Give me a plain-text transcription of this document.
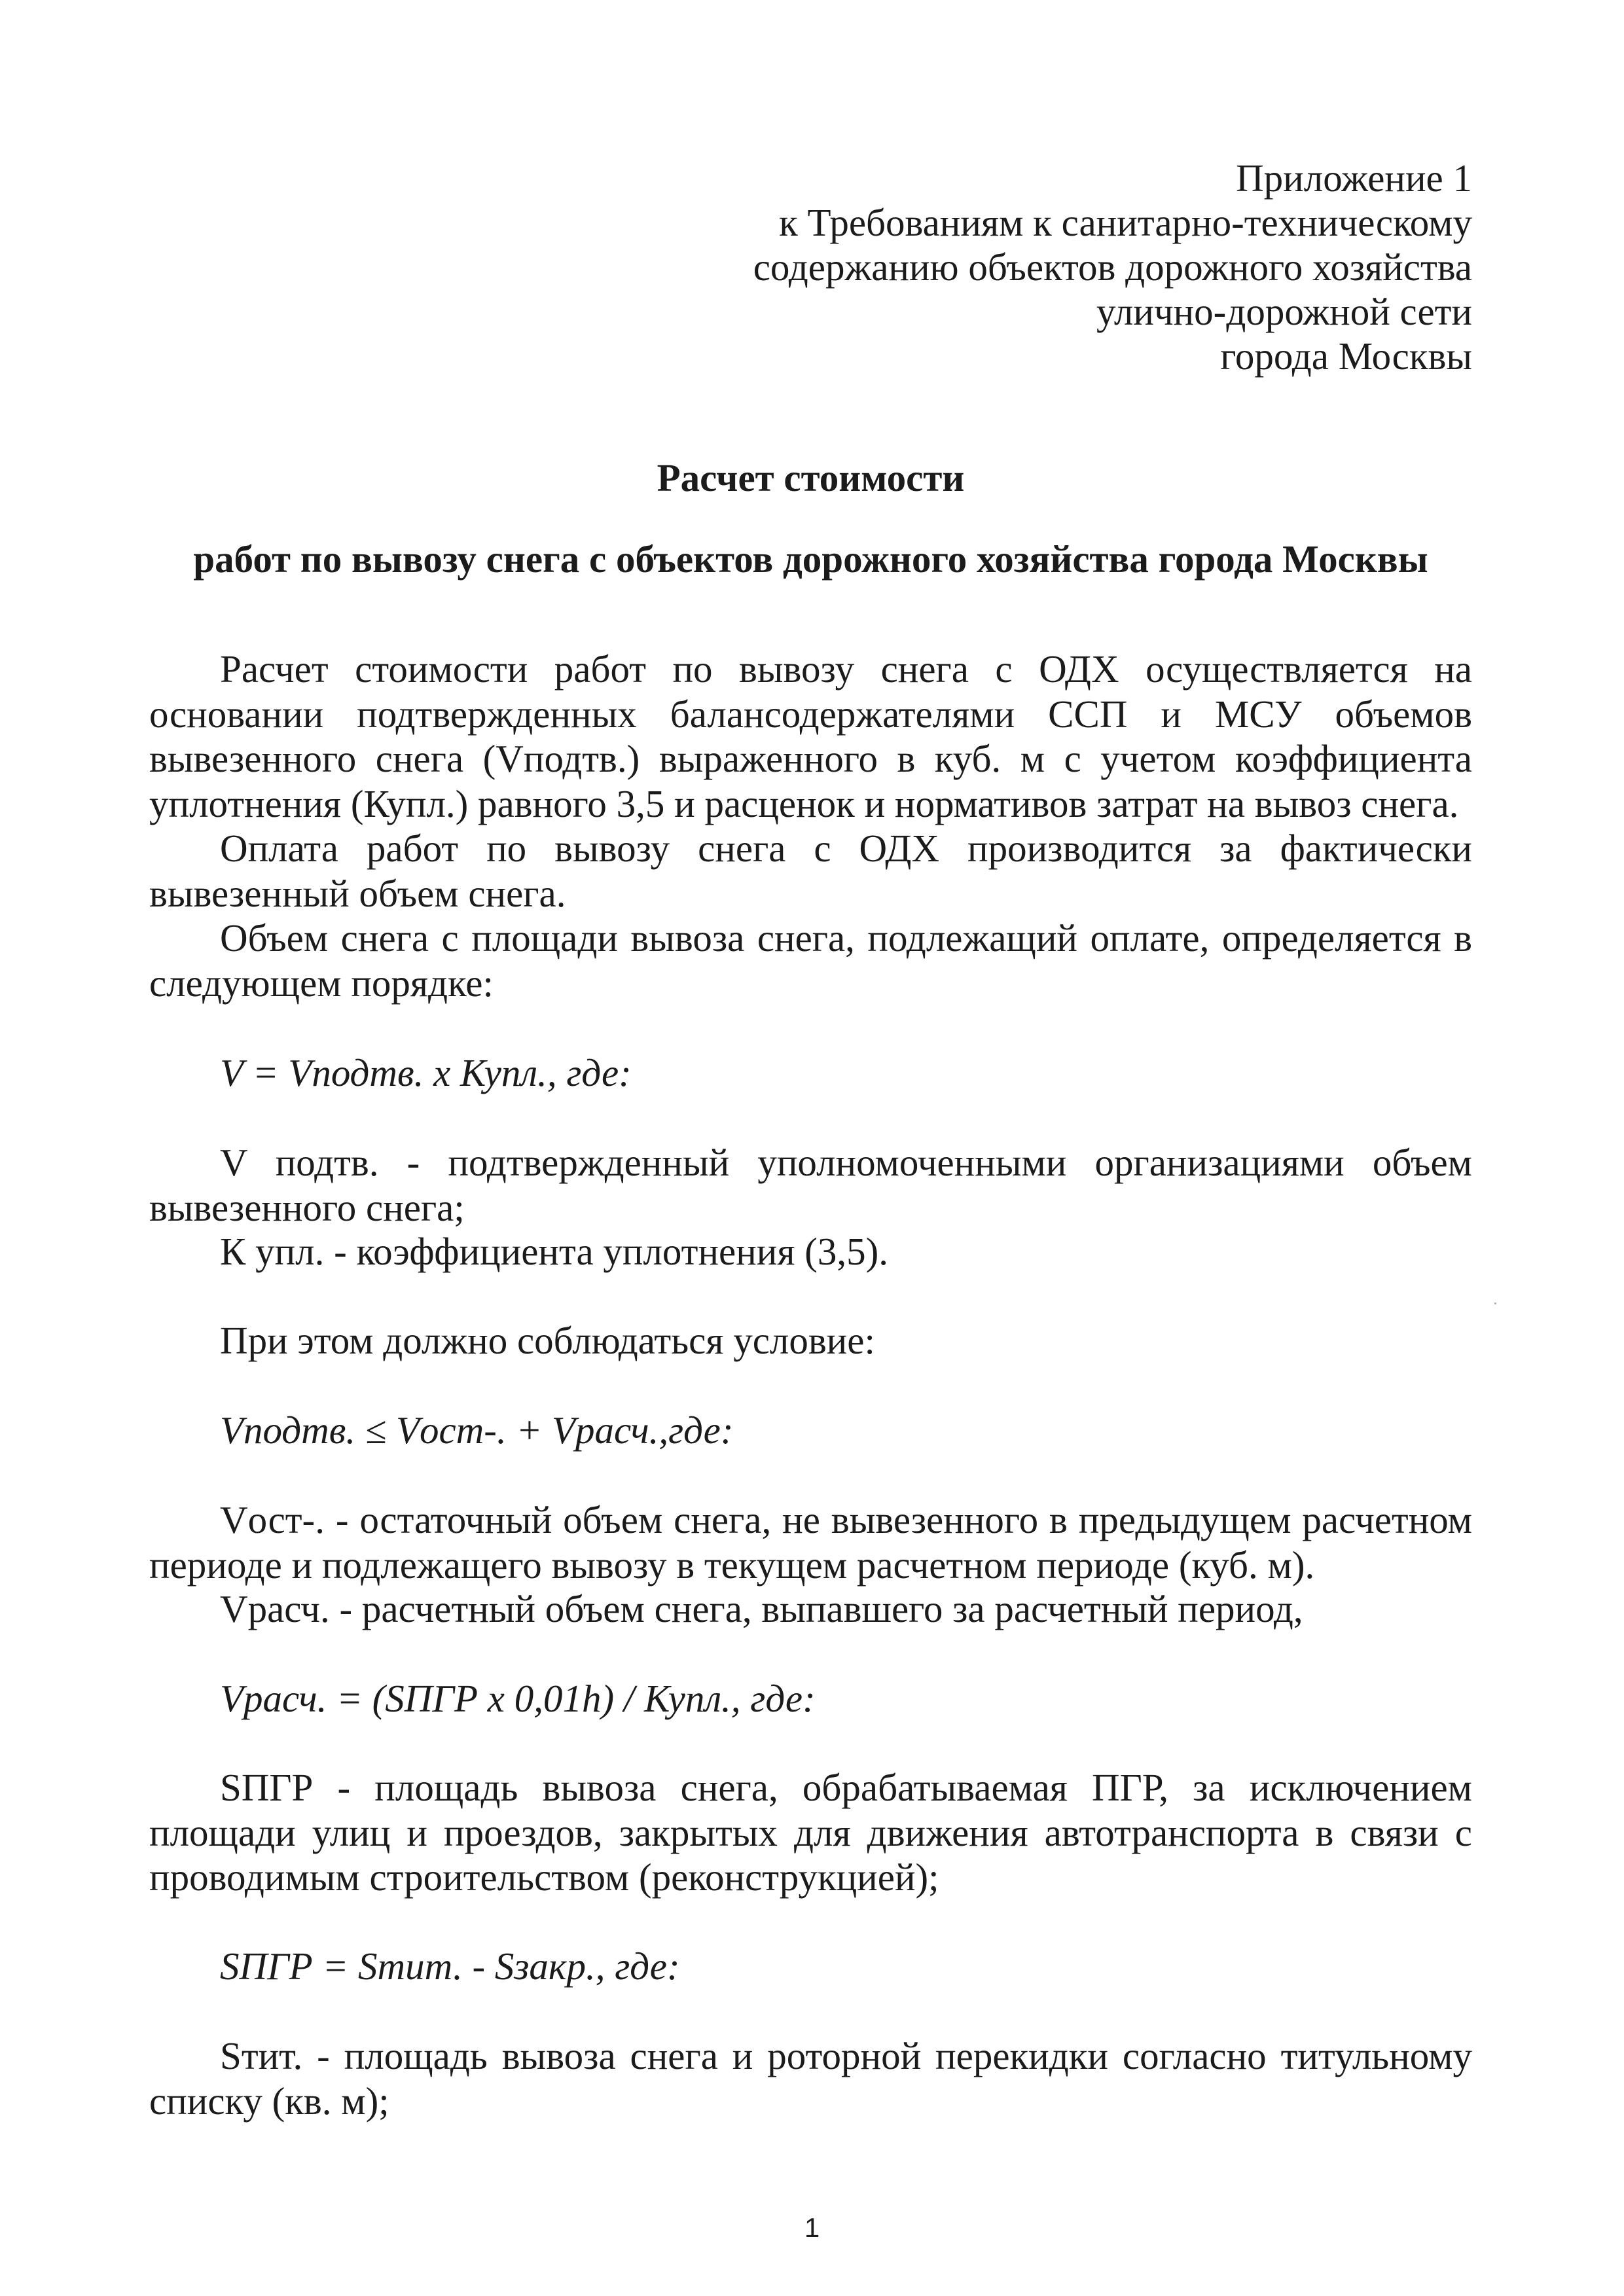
Приложение 1
к Требованиям к санитарно-техническому
содержанию объектов дорожного хозяйства
улично-дорожной сети
города Москвы
Расчет стоимости
работ по вывозу снега с объектов дорожного хозяйства города Москвы
Расчет стоимости работ по вывозу снега с ОДХ осуществляется на основании подтвержденных балансодержателями ССП и МСУ объемов вывезенного снега (Vподтв.) выраженного в куб. м с учетом коэффициента уплотнения (Купл.) равного 3,5 и расценок и нормативов затрат на вывоз снега.
Оплата работ по вывозу снега с ОДХ производится за фактически вывезенный объем снега.
Объем снега с площади вывоза снега, подлежащий оплате, определяется в следующем порядке:
V = Vподтв. x Купл., где:
V подтв. - подтвержденный уполномоченными организациями объем вывезенного снега;
К упл. - коэффициента уплотнения (3,5).
При этом должно соблюдаться условие:
Vподтв. ≤ Vост-. + Vрасч.,где:
Vост-. - остаточный объем снега, не вывезенного в предыдущем расчетном периоде и подлежащего вывозу в текущем расчетном периоде (куб. м).
Vрасч. - расчетный объем снега, выпавшего за расчетный период,
Vрасч. = (SПГР x 0,01h) / Купл., где:
SПГР - площадь вывоза снега, обрабатываемая ПГР, за исключением площади улиц и проездов, закрытых для движения автотранспорта в связи с проводимым строительством (реконструкцией);
SПГР = Sтит. - Sзакр., где:
Sтит. - площадь вывоза снега и роторной перекидки согласно титульному списку (кв. м);
1
